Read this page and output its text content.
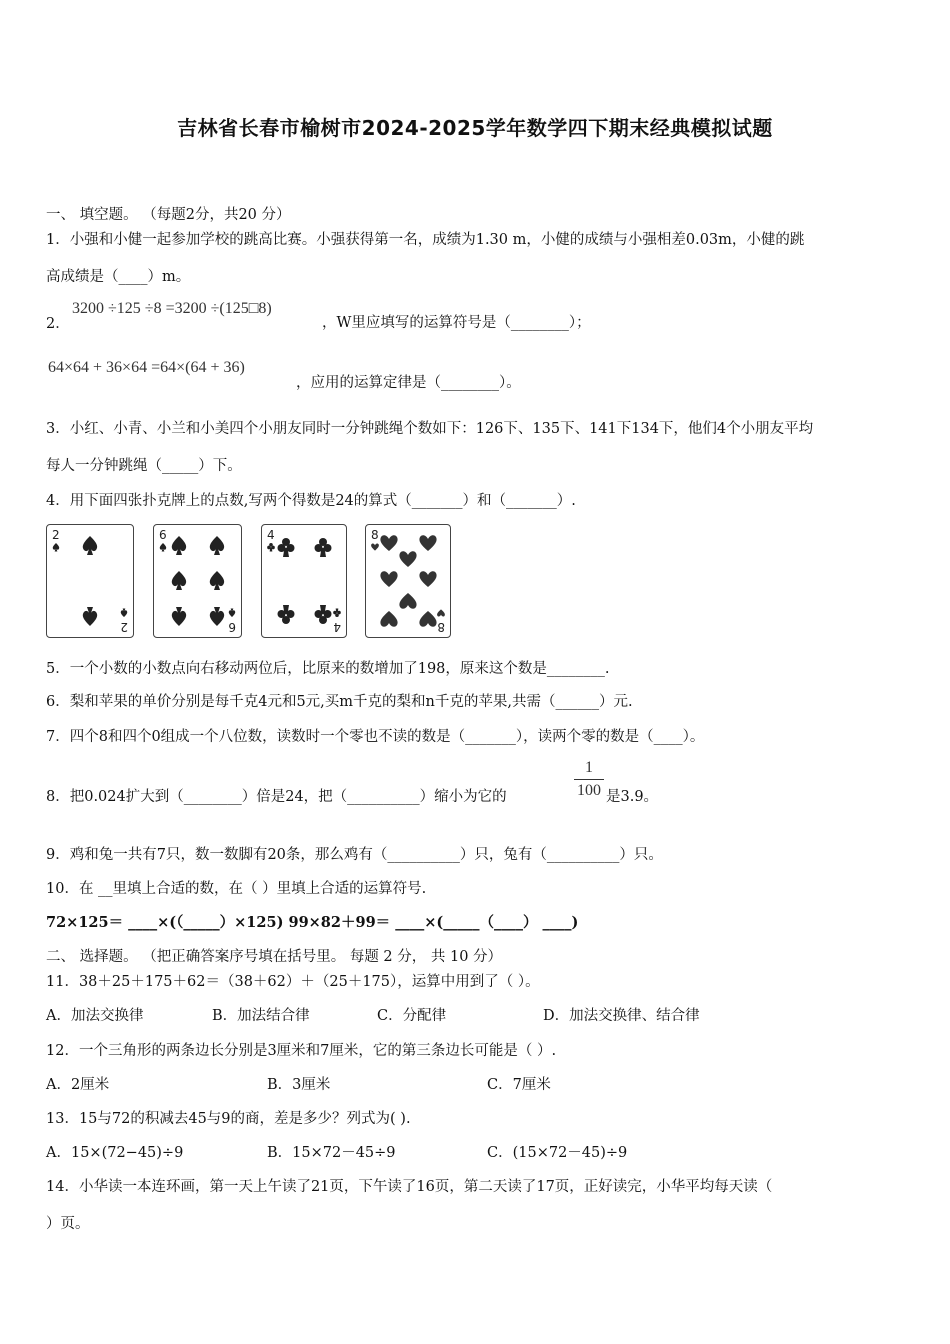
吉林省长春市榆树市2024-2025学年数学四下期末经典模拟试题
一、 填空题。 （每题2分，共20 分）
1．小强和小健一起参加学校的跳高比赛。小强获得第一名，成绩为1.30 m，小健的成绩与小强相差0.03m，小健的跳
高成绩是（____）m。
2．
3200 ÷125 ÷8 =3200 ÷(125□8)
，W里应填写的运算符号是（________）；
64×64 + 36×64 =64×(64 + 36)
，应用的运算定律是（________）。
3．小红、小青、小兰和小美四个小朋友同时一分钟跳绳个数如下：126下、135下、141下134下，他们4个小朋友平均
每人一分钟跳绳（_____）下。
4．用下面四张扑克牌上的点数,写两个得数是24的算式（_______）和（_______）.
2
2
6
6
4
4
8
8
5．一个小数的小数点向右移动两位后，比原来的数增加了198，原来这个数是________.
6．梨和苹果的单价分别是每千克4元和5元,买m千克的梨和n千克的苹果,共需（______）元.
7．四个8和四个0组成一个八位数，读数时一个零也不读的数是（_______），读两个零的数是（____）。
8．把0.024扩大到（________）倍是24，把（__________）缩小为它的
1
100 是3.9。
9．鸡和兔一共有7只，数一数脚有20条，那么鸡有（__________）只，兔有（__________）只。
10．在 __里填上合适的数，在（ ）里填上合适的运算符号.
72×125＝ ____×(（_____）×125) 99×82＋99＝ ____×(_____（____） ____)
二、 选择题。 （把正确答案序号填在括号里。 每题 2 分， 共 10 分）
11．38＋25＋175＋62＝（38＋62）＋（25＋175），运算中用到了（ ）。
A．加法交换律	B．加法结合律	C．分配律	D．加法交换律、结合律
12．一个三角形的两条边长分别是3厘米和7厘米，它的第三条边长可能是（ ）.
A．2厘米	B．3厘米	C．7厘米
13．15与72的积减去45与9的商，差是多少？列式为( ).
A．15×(72−45)÷9	B．15×72－45÷9	C．(15×72－45)÷9
14．小华读一本连环画，第一天上午读了21页，下午读了16页，第二天读了17页，正好读完，小华平均每天读（
）页。
